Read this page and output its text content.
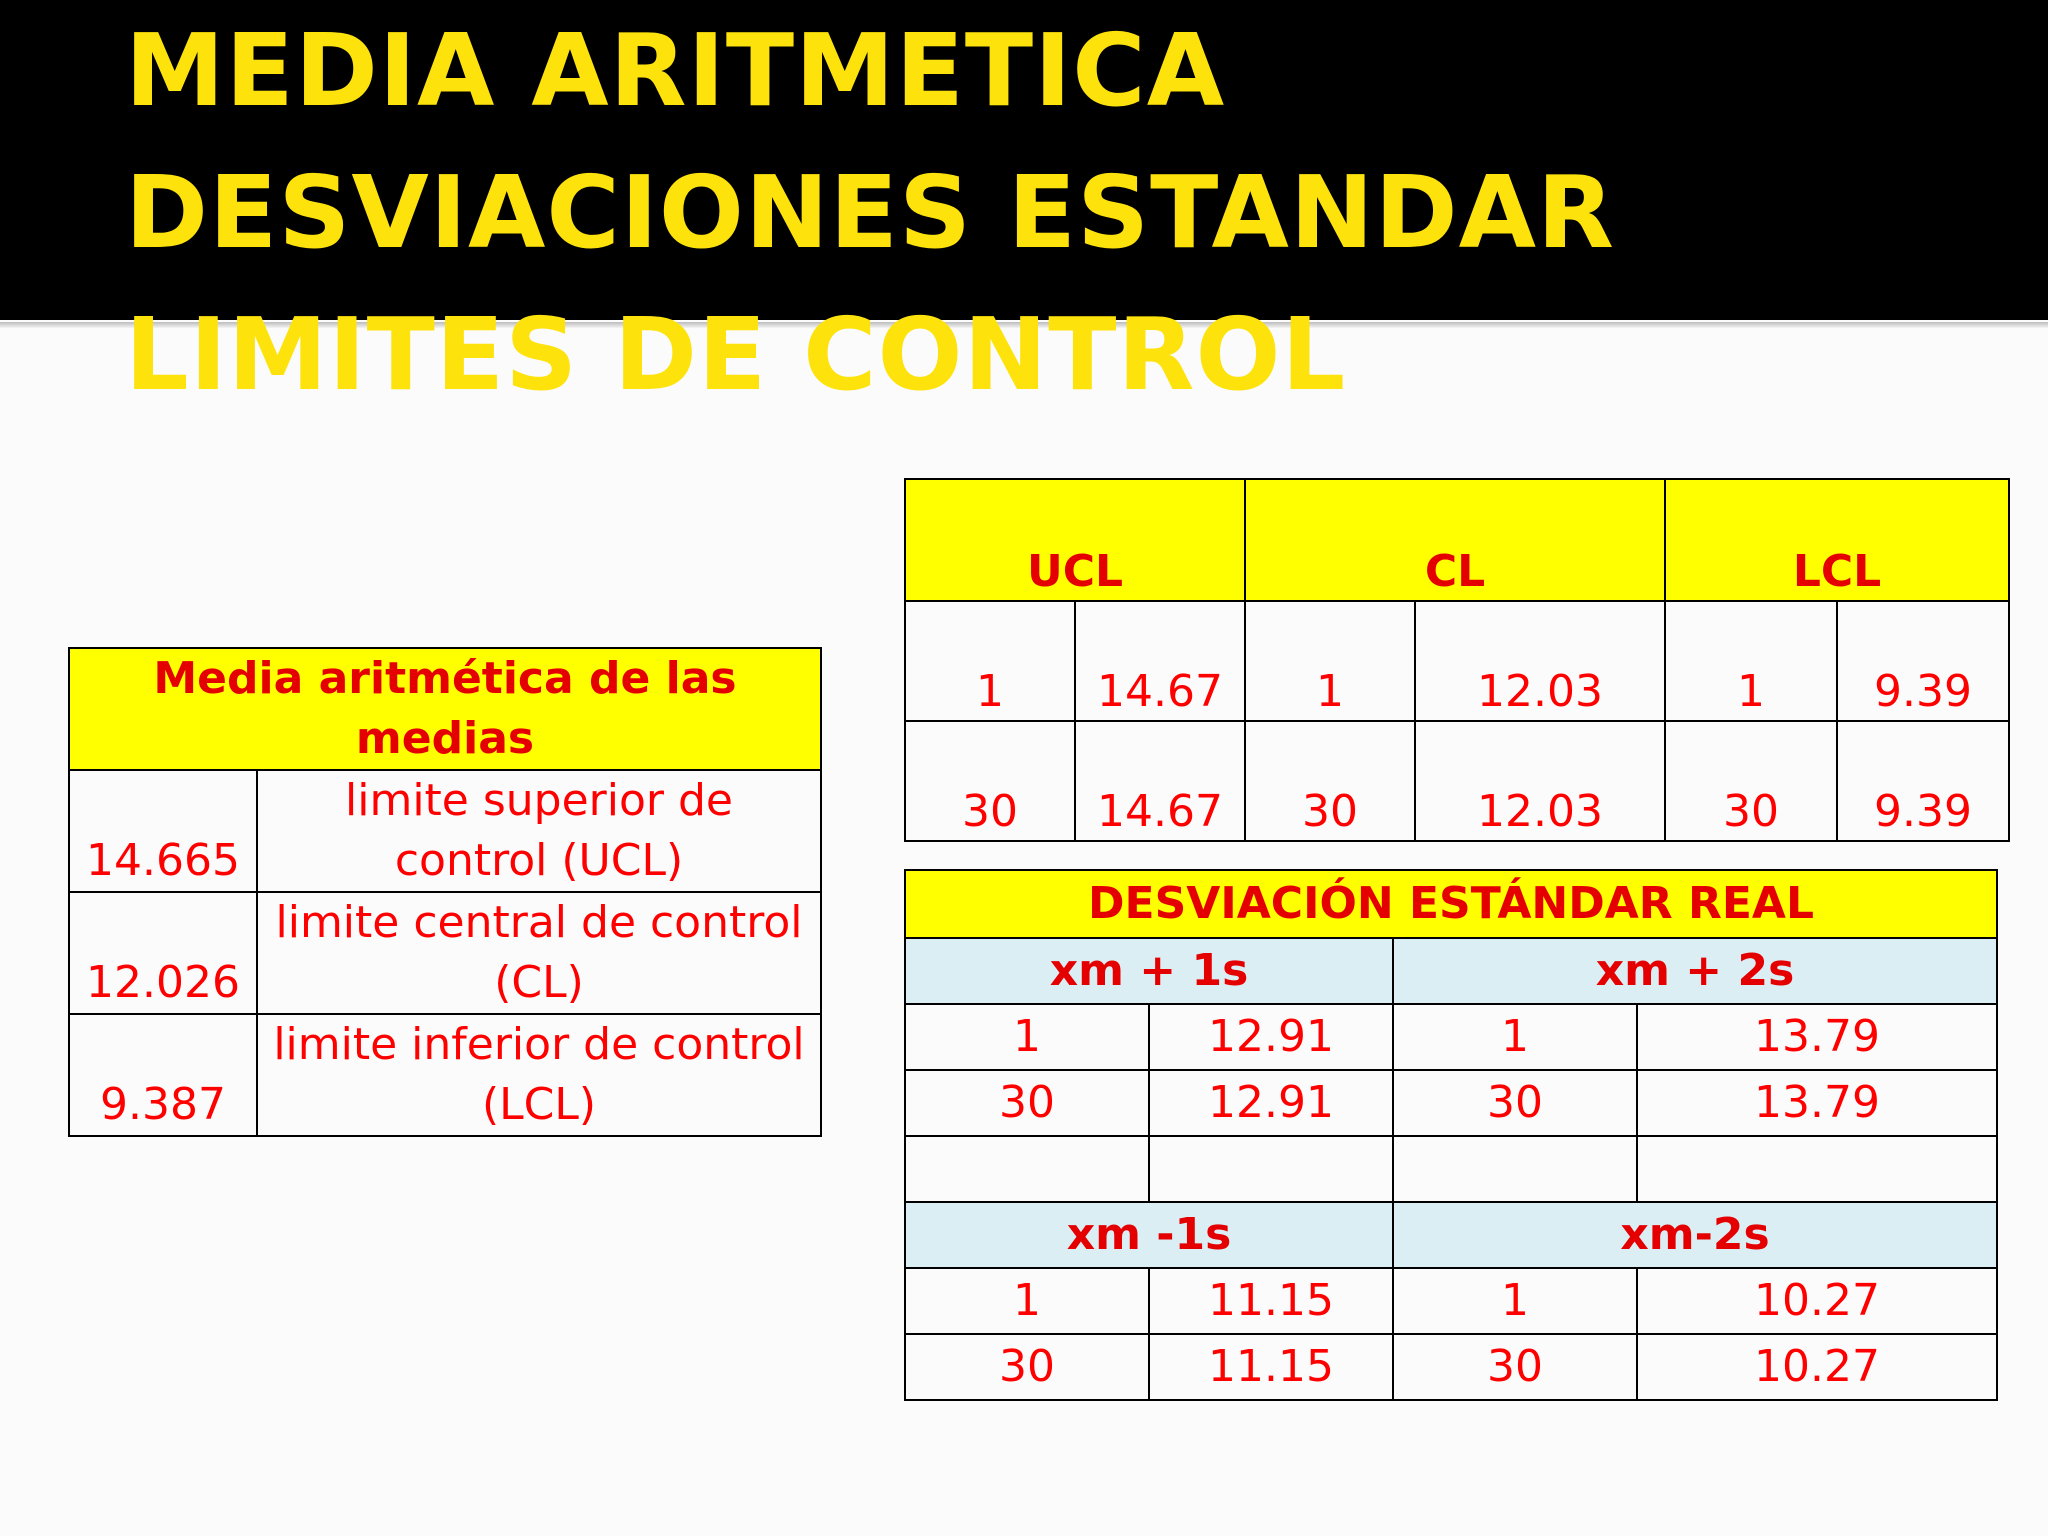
MEDIA ARITMETICA
DESVIACIONES ESTANDAR
LIMITES DE CONTROL
Media aritmética de las medias	
14.665	limite superior de control (UCL)
12.026	limite central de control (CL)
9.387	limite inferior de control (LCL)
UCL		CL		LCL	
1	14.67	1	12.03	1	9.39
30	14.67	30	12.03	30	9.39
DESVIACIÓN ESTÁNDAR REAL			
xm + 1s		xm + 2s	
1	12.91	1	13.79
30	12.91	30	13.79

xm -1s		xm-2s	
1	11.15	1	10.27
30	11.15	30	10.27
